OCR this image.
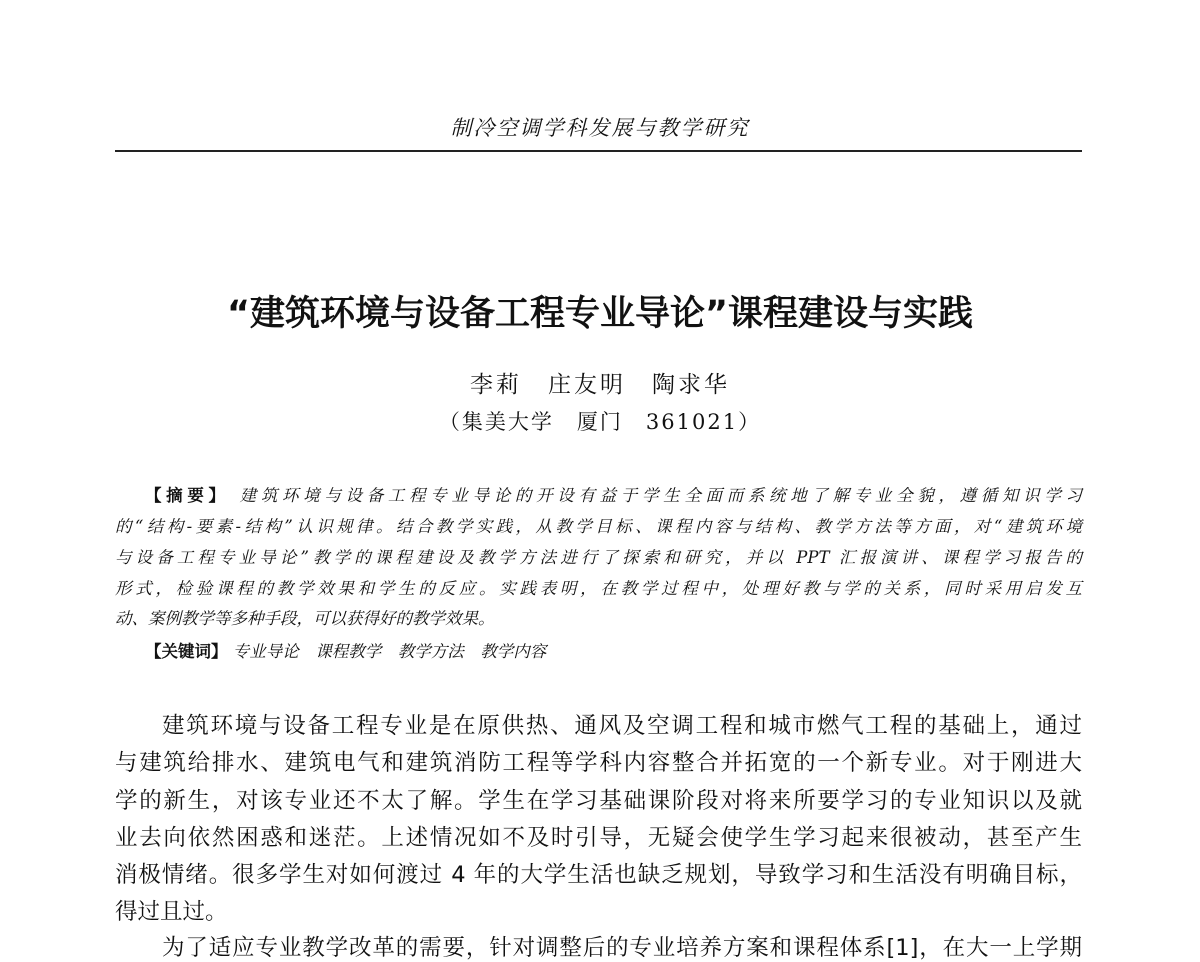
制冷空调学科发展与教学研究
“建筑环境与设备工程专业导论”课程建设与实践
李莉　庄友明　陶求华
（集美大学　厦门　361021）
【摘要】 建筑环境与设备工程专业导论的开设有益于学生全面而系统地了解专业全貌，遵循知识学习
的“结构-要素-结构”认识规律。结合教学实践，从教学目标、课程内容与结构、教学方法等方面，对“建筑环境
与设备工程专业导论”教学的课程建设及教学方法进行了探索和研究，并以 PPT 汇报演讲、课程学习报告的
形式，检验课程的教学效果和学生的反应。实践表明，在教学过程中，处理好教与学的关系，同时采用启发互
动、案例教学等多种手段，可以获得好的教学效果。
【关键词】 专业导论　课程教学　教学方法　教学内容
建筑环境与设备工程专业是在原供热、通风及空调工程和城市燃气工程的基础上，通过
与建筑给排水、建筑电气和建筑消防工程等学科内容整合并拓宽的一个新专业。对于刚进大
学的新生，对该专业还不太了解。学生在学习基础课阶段对将来所要学习的专业知识以及就
业去向依然困惑和迷茫。上述情况如不及时引导，无疑会使学生学习起来很被动，甚至产生
消极情绪。很多学生对如何渡过 4 年的大学生活也缺乏规划，导致学习和生活没有明确目标，
得过且过。
为了适应专业教学改革的需要，针对调整后的专业培养方案和课程体系[1]，在大一上学期
